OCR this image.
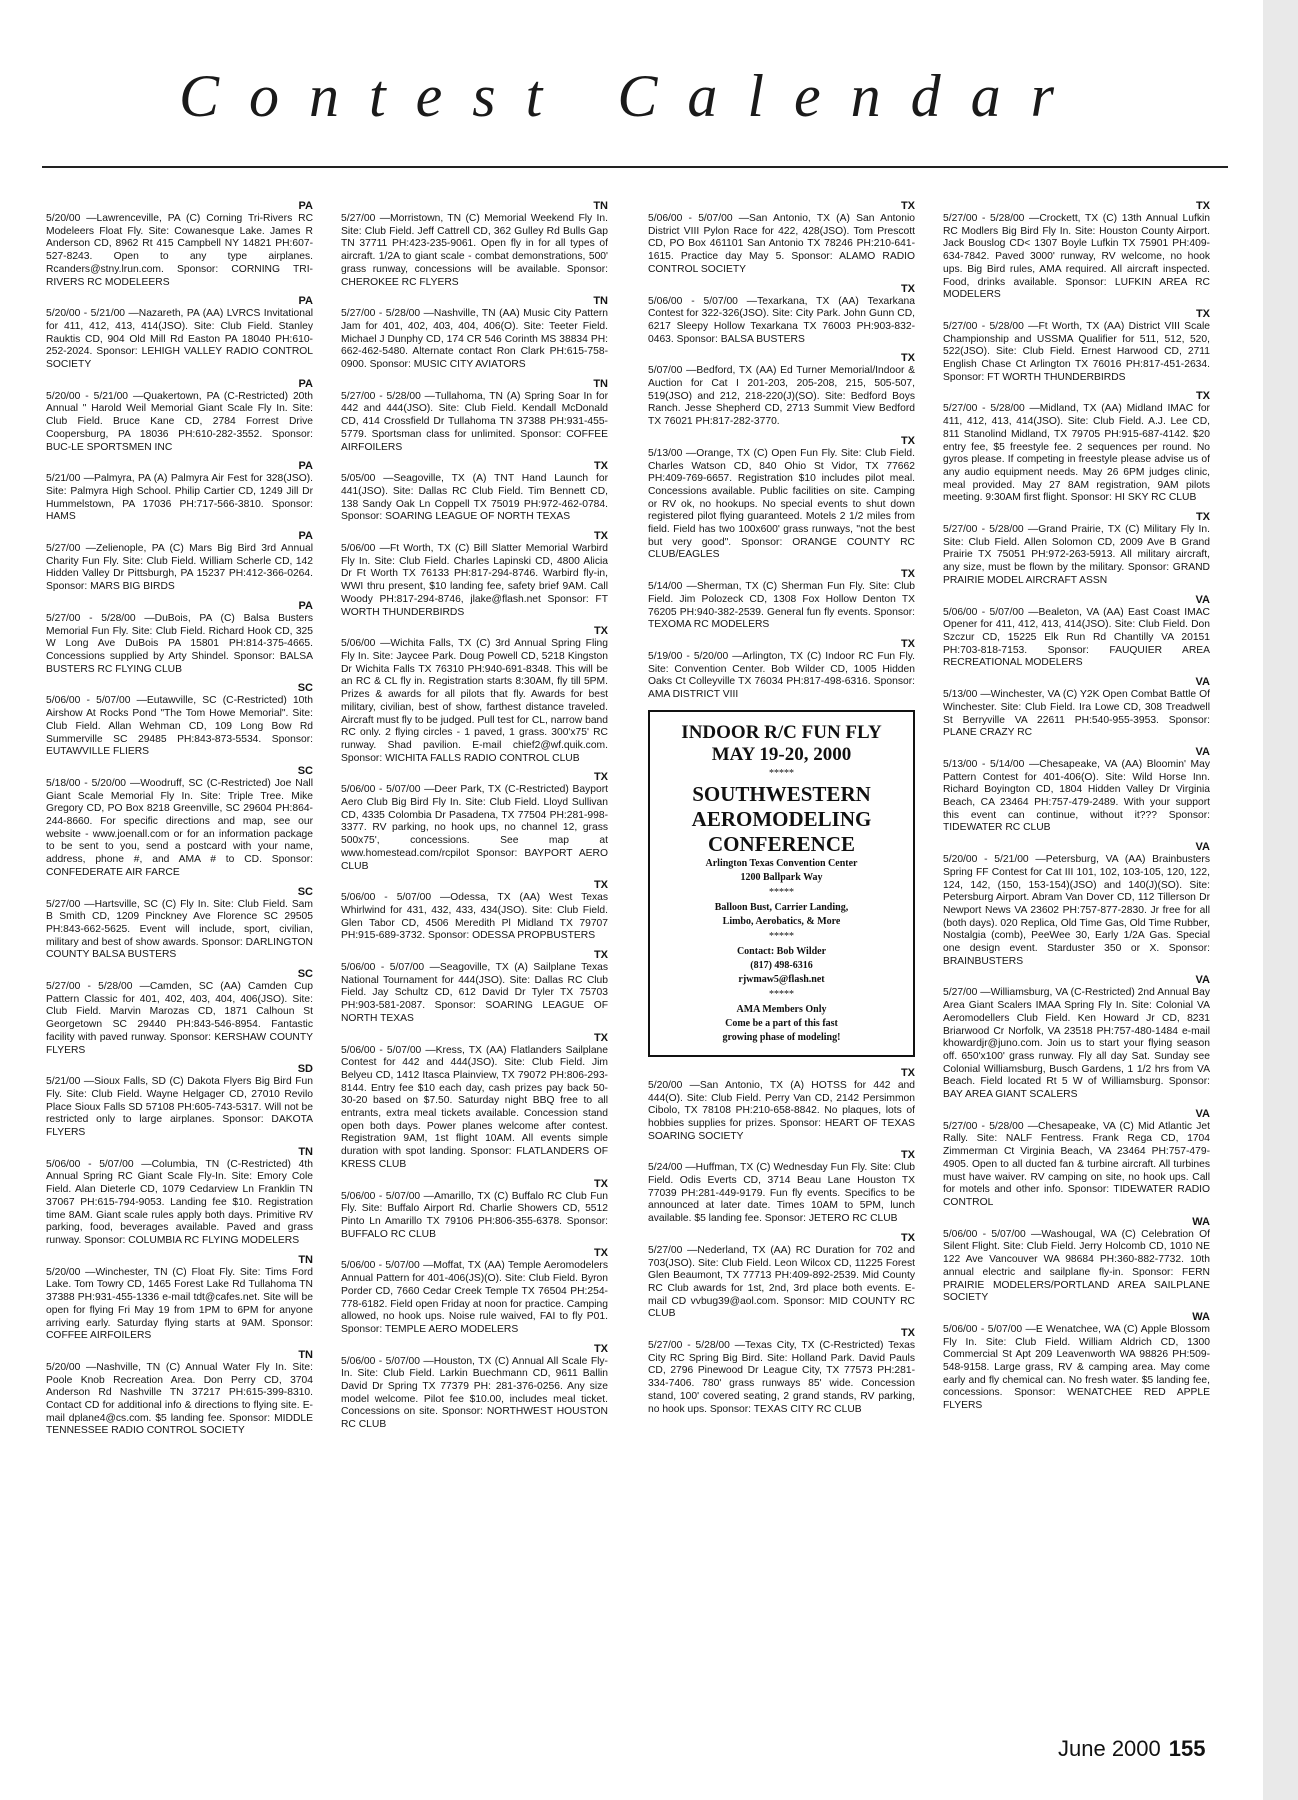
Contest Calendar
PA
5/20/00 —Lawrenceville, PA (C) Corning Tri-Rivers RC Modeleers Float Fly. Site: Cowanesque Lake. James R Anderson CD, 8962 Rt 415 Campbell NY 14821 PH:607-527-8243. Open to any type airplanes. Rcanders@stny.lrun.com. Sponsor: CORNING TRI-RIVERS RC MODELEERS
PA
5/20/00 - 5/21/00 —Nazareth, PA (AA) LVRCS Invitational for 411, 412, 413, 414(JSO). Site: Club Field. Stanley Rauktis CD, 904 Old Mill Rd Easton PA 18040 PH:610-252-2024. Sponsor: LEHIGH VALLEY RADIO CONTROL SOCIETY
PA
5/20/00 - 5/21/00 —Quakertown, PA (C-Restricted) 20th Annual " Harold Weil Memorial Giant Scale Fly In. Site: Club Field. Bruce Kane CD, 2784 Forrest Drive Coopersburg, PA 18036 PH:610-282-3552. Sponsor: BUC-LE SPORTSMEN INC
PA
5/21/00 —Palmyra, PA (A) Palmyra Air Fest for 328(JSO). Site: Palmyra High School. Philip Cartier CD, 1249 Jill Dr Hummelstown, PA 17036 PH:717-566-3810. Sponsor: HAMS
PA
5/27/00 —Zelienople, PA (C) Mars Big Bird 3rd Annual Charity Fun Fly. Site: Club Field. William Scherle CD, 142 Hidden Valley Dr Pittsburgh, PA 15237 PH:412-366-0264. Sponsor: MARS BIG BIRDS
PA
5/27/00 - 5/28/00 —DuBois, PA (C) Balsa Busters Memorial Fun Fly. Site: Club Field. Richard Hook CD, 325 W Long Ave DuBois PA 15801 PH:814-375-4665. Concessions supplied by Arty Shindel. Sponsor: BALSA BUSTERS RC FLYING CLUB
SC
5/06/00 - 5/07/00 —Eutawville, SC (C-Restricted) 10th Airshow At Rocks Pond "The Tom Howe Memorial". Site: Club Field. Allan Wehman CD, 109 Long Bow Rd Summerville SC 29485 PH:843-873-5534. Sponsor: EUTAWVILLE FLIERS
SC
5/18/00 - 5/20/00 —Woodruff, SC (C-Restricted) Joe Nall Giant Scale Memorial Fly In. Site: Triple Tree. Mike Gregory CD, PO Box 8218 Greenville, SC 29604 PH:864-244-8660. For specific directions and map, see our website - www.joenall.com or for an information package to be sent to you, send a postcard with your name, address, phone #, and AMA # to CD. Sponsor: CONFEDERATE AIR FARCE
SC
5/27/00 —Hartsville, SC (C) Fly In. Site: Club Field. Sam B Smith CD, 1209 Pinckney Ave Florence SC 29505 PH:843-662-5625. Event will include, sport, civilian, military and best of show awards. Sponsor: DARLINGTON COUNTY BALSA BUSTERS
SC
5/27/00 - 5/28/00 —Camden, SC (AA) Camden Cup Pattern Classic for 401, 402, 403, 404, 406(JSO). Site: Club Field. Marvin Marozas CD, 1871 Calhoun St Georgetown SC 29440 PH:843-546-8954. Fantastic facility with paved runway. Sponsor: KERSHAW COUNTY FLYERS
SD
5/21/00 —Sioux Falls, SD (C) Dakota Flyers Big Bird Fun Fly. Site: Club Field. Wayne Helgager CD, 27010 Revilo Place Sioux Falls SD 57108 PH:605-743-5317. Will not be restricted only to large airplanes. Sponsor: DAKOTA FLYERS
TN
5/06/00 - 5/07/00 —Columbia, TN (C-Restricted) 4th Annual Spring RC Giant Scale Fly-In. Site: Emory Cole Field. Alan Dieterle CD, 1079 Cedarview Ln Franklin TN 37067 PH:615-794-9053. Landing fee $10. Registration time 8AM. Giant scale rules apply both days. Primitive RV parking, food, beverages available. Paved and grass runway. Sponsor: COLUMBIA RC FLYING MODELERS
TN
5/20/00 —Winchester, TN (C) Float Fly. Site: Tims Ford Lake. Tom Towry CD, 1465 Forest Lake Rd Tullahoma TN 37388 PH:931-455-1336 e-mail tdt@cafes.net. Site will be open for flying Fri May 19 from 1PM to 6PM for anyone arriving early. Saturday flying starts at 9AM. Sponsor: COFFEE AIRFOILERS
TN
5/20/00 —Nashville, TN (C) Annual Water Fly In. Site: Poole Knob Recreation Area. Don Perry CD, 3704 Anderson Rd Nashville TN 37217 PH:615-399-8310. Contact CD for additional info & directions to flying site. E-mail dplane4@cs.com. $5 landing fee. Sponsor: MIDDLE TENNESSEE RADIO CONTROL SOCIETY
TN
5/27/00 —Morristown, TN (C) Memorial Weekend Fly In. Site: Club Field. Jeff Cattrell CD, 362 Gulley Rd Bulls Gap TN 37711 PH:423-235-9061. Open fly in for all types of aircraft. 1/2A to giant scale - combat demonstrations, 500' grass runway, concessions will be available. Sponsor: CHEROKEE RC FLYERS
TN
5/27/00 - 5/28/00 —Nashville, TN (AA) Music City Pattern Jam for 401, 402, 403, 404, 406(O). Site: Teeter Field. Michael J Dunphy CD, 174 CR 546 Corinth MS 38834 PH: 662-462-5480. Alternate contact Ron Clark PH:615-758-0900. Sponsor: MUSIC CITY AVIATORS
TN
5/27/00 - 5/28/00 —Tullahoma, TN (A) Spring Soar In for 442 and 444(JSO). Site: Club Field. Kendall McDonald CD, 414 Crossfield Dr Tullahoma TN 37388 PH:931-455-5779. Sportsman class for unlimited. Sponsor: COFFEE AIRFOILERS
TX
5/05/00 —Seagoville, TX (A) TNT Hand Launch for 441(JSO). Site: Dallas RC Club Field. Tim Bennett CD, 138 Sandy Oak Ln Coppell TX 75019 PH:972-462-0784. Sponsor: SOARING LEAGUE OF NORTH TEXAS
TX
5/06/00 —Ft Worth, TX (C) Bill Slatter Memorial Warbird Fly In. Site: Club Field. Charles Lapinski CD, 4800 Alicia Dr Ft Worth TX 76133 PH:817-294-8746. Warbird fly-in, WWI thru present, $10 landing fee, safety brief 9AM. Call Woody PH:817-294-8746, jlake@flash.net Sponsor: FT WORTH THUNDERBIRDS
TX
5/06/00 —Wichita Falls, TX (C) 3rd Annual Spring Fling Fly In. Site: Jaycee Park. Doug Powell CD, 5218 Kingston Dr Wichita Falls TX 76310 PH:940-691-8348. This will be an RC & CL fly in. Registration starts 8:30AM, fly till 5PM. Prizes & awards for all pilots that fly. Awards for best military, civilian, best of show, farthest distance traveled. Aircraft must fly to be judged. Pull test for CL, narrow band RC only. 2 flying circles - 1 paved, 1 grass. 300'x75' RC runway. Shad pavilion. E-mail chief2@wf.quik.com. Sponsor: WICHITA FALLS RADIO CONTROL CLUB
TX
5/06/00 - 5/07/00 —Deer Park, TX (C-Restricted) Bayport Aero Club Big Bird Fly In. Site: Club Field. Lloyd Sullivan CD, 4335 Colombia Dr Pasadena, TX 77504 PH:281-998-3377. RV parking, no hook ups, no channel 12, grass 500x75', concessions. See map at www.homestead.com/rcpilot Sponsor: BAYPORT AERO CLUB
TX
5/06/00 - 5/07/00 —Odessa, TX (AA) West Texas Whirlwind for 431, 432, 433, 434(JSO). Site: Club Field. Glen Tabor CD, 4506 Meredith Pl Midland TX 79707 PH:915-689-3732. Sponsor: ODESSA PROPBUSTERS
TX
5/06/00 - 5/07/00 —Seagoville, TX (A) Sailplane Texas National Tournament for 444(JSO). Site: Dallas RC Club Field. Jay Schultz CD, 612 David Dr Tyler TX 75703 PH:903-581-2087. Sponsor: SOARING LEAGUE OF NORTH TEXAS
TX
5/06/00 - 5/07/00 —Kress, TX (AA) Flatlanders Sailplane Contest for 442 and 444(JSO). Site: Club Field. Jim Belyeu CD, 1412 Itasca Plainview, TX 79072 PH:806-293-8144. Entry fee $10 each day, cash prizes pay back 50-30-20 based on $7.50. Saturday night BBQ free to all entrants, extra meal tickets available. Concession stand open both days. Power planes welcome after contest. Registration 9AM, 1st flight 10AM. All events simple duration with spot landing. Sponsor: FLATLANDERS OF KRESS CLUB
TX
5/06/00 - 5/07/00 —Amarillo, TX (C) Buffalo RC Club Fun Fly. Site: Buffalo Airport Rd. Charlie Showers CD, 5512 Pinto Ln Amarillo TX 79106 PH:806-355-6378. Sponsor: BUFFALO RC CLUB
TX
5/06/00 - 5/07/00 —Moffat, TX (AA) Temple Aeromodelers Annual Pattern for 401-406(JS)(O). Site: Club Field. Byron Porder CD, 7660 Cedar Creek Temple TX 76504 PH:254-778-6182. Field open Friday at noon for practice. Camping allowed, no hook ups. Noise rule waived, FAI to fly P01. Sponsor: TEMPLE AERO MODELERS
TX
5/06/00 - 5/07/00 —Houston, TX (C) Annual All Scale Fly-In. Site: Club Field. Larkin Buechmann CD, 9611 Ballin David Dr Spring TX 77379 PH: 281-376-0256. Any size model welcome. Pilot fee $10.00, includes meal ticket. Concessions on site. Sponsor: NORTHWEST HOUSTON RC CLUB
TX
5/06/00 - 5/07/00 —San Antonio, TX (A) San Antonio District VIII Pylon Race for 422, 428(JSO). Tom Prescott CD, PO Box 461101 San Antonio TX 78246 PH:210-641-1615. Practice day May 5. Sponsor: ALAMO RADIO CONTROL SOCIETY
TX
5/06/00 - 5/07/00 —Texarkana, TX (AA) Texarkana Contest for 322-326(JSO). Site: City Park. John Gunn CD, 6217 Sleepy Hollow Texarkana TX 76003 PH:903-832-0463. Sponsor: BALSA BUSTERS
TX
5/07/00 —Bedford, TX (AA) Ed Turner Memorial/Indoor & Auction for Cat I 201-203, 205-208, 215, 505-507, 519(JSO) and 212, 218-220(J)(SO). Site: Bedford Boys Ranch. Jesse Shepherd CD, 2713 Summit View Bedford TX 76021 PH:817-282-3770.
TX
5/13/00 —Orange, TX (C) Open Fun Fly. Site: Club Field. Charles Watson CD, 840 Ohio St Vidor, TX 77662 PH:409-769-6657. Registration $10 includes pilot meal. Concessions available. Public facilities on site. Camping or RV ok, no hookups. No special events to shut down registered pilot flying guaranteed. Motels 2 1/2 miles from field. Field has two 100x600' grass runways, "not the best but very good". Sponsor: ORANGE COUNTY RC CLUB/EAGLES
TX
5/14/00 —Sherman, TX (C) Sherman Fun Fly. Site: Club Field. Jim Polozeck CD, 1308 Fox Hollow Denton TX 76205 PH:940-382-2539. General fun fly events. Sponsor: TEXOMA RC MODELERS
TX
5/19/00 - 5/20/00 —Arlington, TX (C) Indoor RC Fun Fly. Site: Convention Center. Bob Wilder CD, 1005 Hidden Oaks Ct Colleyville TX 76034 PH:817-498-6316. Sponsor: AMA DISTRICT VIII
INDOOR R/C FUN FLY
MAY 19-20, 2000
*****
SOUTHWESTERN
AEROMODELING
CONFERENCE
Arlington Texas Convention Center
1200 Ballpark Way
*****
Balloon Bust, Carrier Landing,
Limbo, Aerobatics, & More
*****
Contact: Bob Wilder
(817) 498-6316
rjwmaw5@flash.net
*****
AMA Members Only
Come be a part of this fast
growing phase of modeling!
TX
5/20/00 —San Antonio, TX (A) HOTSS for 442 and 444(O). Site: Club Field. Perry Van CD, 2142 Persimmon Cibolo, TX 78108 PH:210-658-8842. No plaques, lots of hobbies supplies for prizes. Sponsor: HEART OF TEXAS SOARING SOCIETY
TX
5/24/00 —Huffman, TX (C) Wednesday Fun Fly. Site: Club Field. Odis Everts CD, 3714 Beau Lane Houston TX 77039 PH:281-449-9179. Fun fly events. Specifics to be announced at later date. Times 10AM to 5PM, lunch available. $5 landing fee. Sponsor: JETERO RC CLUB
TX
5/27/00 —Nederland, TX (AA) RC Duration for 702 and 703(JSO). Site: Club Field. Leon Wilcox CD, 11225 Forest Glen Beaumont, TX 77713 PH:409-892-2539. Mid County RC Club awards for 1st, 2nd, 3rd place both events. E-mail CD vvbug39@aol.com. Sponsor: MID COUNTY RC CLUB
TX
5/27/00 - 5/28/00 —Texas City, TX (C-Restricted) Texas City RC Spring Big Bird. Site: Holland Park. David Pauls CD, 2796 Pinewood Dr League City, TX 77573 PH:281-334-7406. 780' grass runways 85' wide. Concession stand, 100' covered seating, 2 grand stands, RV parking, no hook ups. Sponsor: TEXAS CITY RC CLUB
TX
5/27/00 - 5/28/00 —Crockett, TX (C) 13th Annual Lufkin RC Modlers Big Bird Fly In. Site: Houston County Airport. Jack Bouslog CD< 1307 Boyle Lufkin TX 75901 PH:409-634-7842. Paved 3000' runway, RV welcome, no hook ups. Big Bird rules, AMA required. All aircraft inspected. Food, drinks available. Sponsor: LUFKIN AREA RC MODELERS
TX
5/27/00 - 5/28/00 —Ft Worth, TX (AA) District VIII Scale Championship and USSMA Qualifier for 511, 512, 520, 522(JSO). Site: Club Field. Ernest Harwood CD, 2711 English Chase Ct Arlington TX 76016 PH:817-451-2634. Sponsor: FT WORTH THUNDERBIRDS
TX
5/27/00 - 5/28/00 —Midland, TX (AA) Midland IMAC for 411, 412, 413, 414(JSO). Site: Club Field. A.J. Lee CD, 811 Stanolind Midland, TX 79705 PH:915-687-4142. $20 entry fee, $5 freestyle fee. 2 sequences per round. No gyros please. If competing in freestyle please advise us of any audio equipment needs. May 26 6PM judges clinic, meal provided. May 27 8AM registration, 9AM pilots meeting. 9:30AM first flight. Sponsor: HI SKY RC CLUB
TX
5/27/00 - 5/28/00 —Grand Prairie, TX (C) Military Fly In. Site: Club Field. Allen Solomon CD, 2009 Ave B Grand Prairie TX 75051 PH:972-263-5913. All military aircraft, any size, must be flown by the military. Sponsor: GRAND PRAIRIE MODEL AIRCRAFT ASSN
VA
5/06/00 - 5/07/00 —Bealeton, VA (AA) East Coast IMAC Opener for 411, 412, 413, 414(JSO). Site: Club Field. Don Szczur CD, 15225 Elk Run Rd Chantilly VA 20151 PH:703-818-7153. Sponsor: FAUQUIER AREA RECREATIONAL MODELERS
VA
5/13/00 —Winchester, VA (C) Y2K Open Combat Battle Of Winchester. Site: Club Field. Ira Lowe CD, 308 Treadwell St Berryville VA 22611 PH:540-955-3953. Sponsor: PLANE CRAZY RC
VA
5/13/00 - 5/14/00 —Chesapeake, VA (AA) Bloomin' May Pattern Contest for 401-406(O). Site: Wild Horse Inn. Richard Boyington CD, 1804 Hidden Valley Dr Virginia Beach, CA 23464 PH:757-479-2489. With your support this event can continue, without it??? Sponsor: TIDEWATER RC CLUB
VA
5/20/00 - 5/21/00 —Petersburg, VA (AA) Brainbusters Spring FF Contest for Cat III 101, 102, 103-105, 120, 122, 124, 142, (150, 153-154)(JSO) and 140(J)(SO). Site: Petersburg Airport. Abram Van Dover CD, 112 Tillerson Dr Newport News VA 23602 PH:757-877-2830. Jr free for all (both days). 020 Replica, Old Time Gas, Old Time Rubber, Nostalgia (comb), PeeWee 30, Early 1/2A Gas. Special one design event. Starduster 350 or X. Sponsor: BRAINBUSTERS
VA
5/27/00 —Williamsburg, VA (C-Restricted) 2nd Annual Bay Area Giant Scalers IMAA Spring Fly In. Site: Colonial VA Aeromodellers Club Field. Ken Howard Jr CD, 8231 Briarwood Cr Norfolk, VA 23518 PH:757-480-1484 e-mail khowardjr@juno.com. Join us to start your flying season off. 650'x100' grass runway. Fly all day Sat. Sunday see Colonial Williamsburg, Busch Gardens, 1 1/2 hrs from VA Beach. Field located Rt 5 W of Williamsburg. Sponsor: BAY AREA GIANT SCALERS
VA
5/27/00 - 5/28/00 —Chesapeake, VA (C) Mid Atlantic Jet Rally. Site: NALF Fentress. Frank Rega CD, 1704 Zimmerman Ct Virginia Beach, VA 23464 PH:757-479-4905. Open to all ducted fan & turbine aircraft. All turbines must have waiver. RV camping on site, no hook ups. Call for motels and other info. Sponsor: TIDEWATER RADIO CONTROL
WA
5/06/00 - 5/07/00 —Washougal, WA (C) Celebration Of Silent Flight. Site: Club Field. Jerry Holcomb CD, 1010 NE 122 Ave Vancouver WA 98684 PH:360-882-7732. 10th annual electric and sailplane fly-in. Sponsor: FERN PRAIRIE MODELERS/PORTLAND AREA SAILPLANE SOCIETY
WA
5/06/00 - 5/07/00 —E Wenatchee, WA (C) Apple Blossom Fly In. Site: Club Field. William Aldrich CD, 1300 Commercial St Apt 209 Leavenworth WA 98826 PH:509-548-9158. Large grass, RV & camping area. May come early and fly chemical can. No fresh water. $5 landing fee, concessions. Sponsor: WENATCHEE RED APPLE FLYERS
June 2000 155
